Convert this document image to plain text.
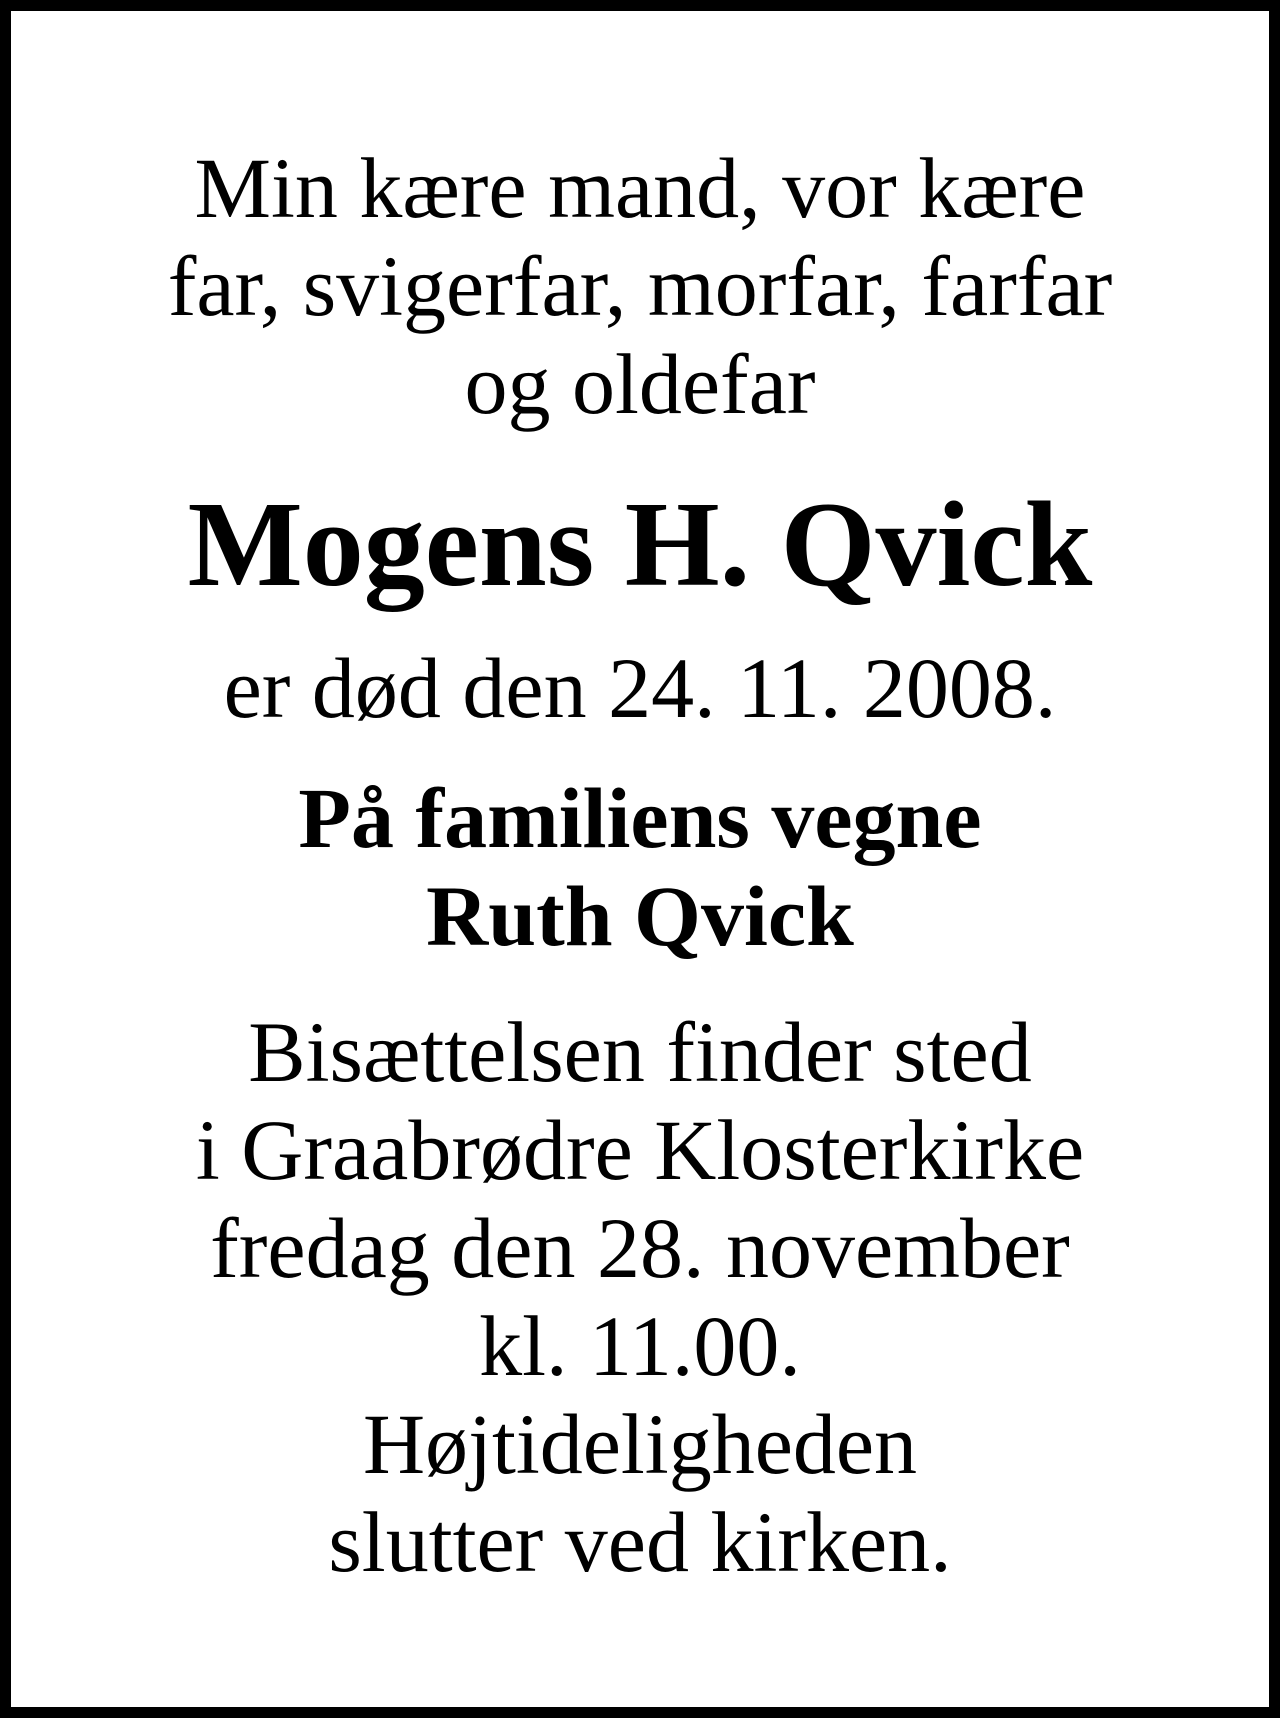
Min kære mand, vor kære
far, svigerfar, morfar, farfar
og oldefar
Mogens H. Qvick
er død den 24. 11. 2008.
På familiens vegne
Ruth Qvick
Bisættelsen finder sted
i Graabrødre Klosterkirke
fredag den 28. november
kl. 11.00.
Højtideligheden
slutter ved kirken.
